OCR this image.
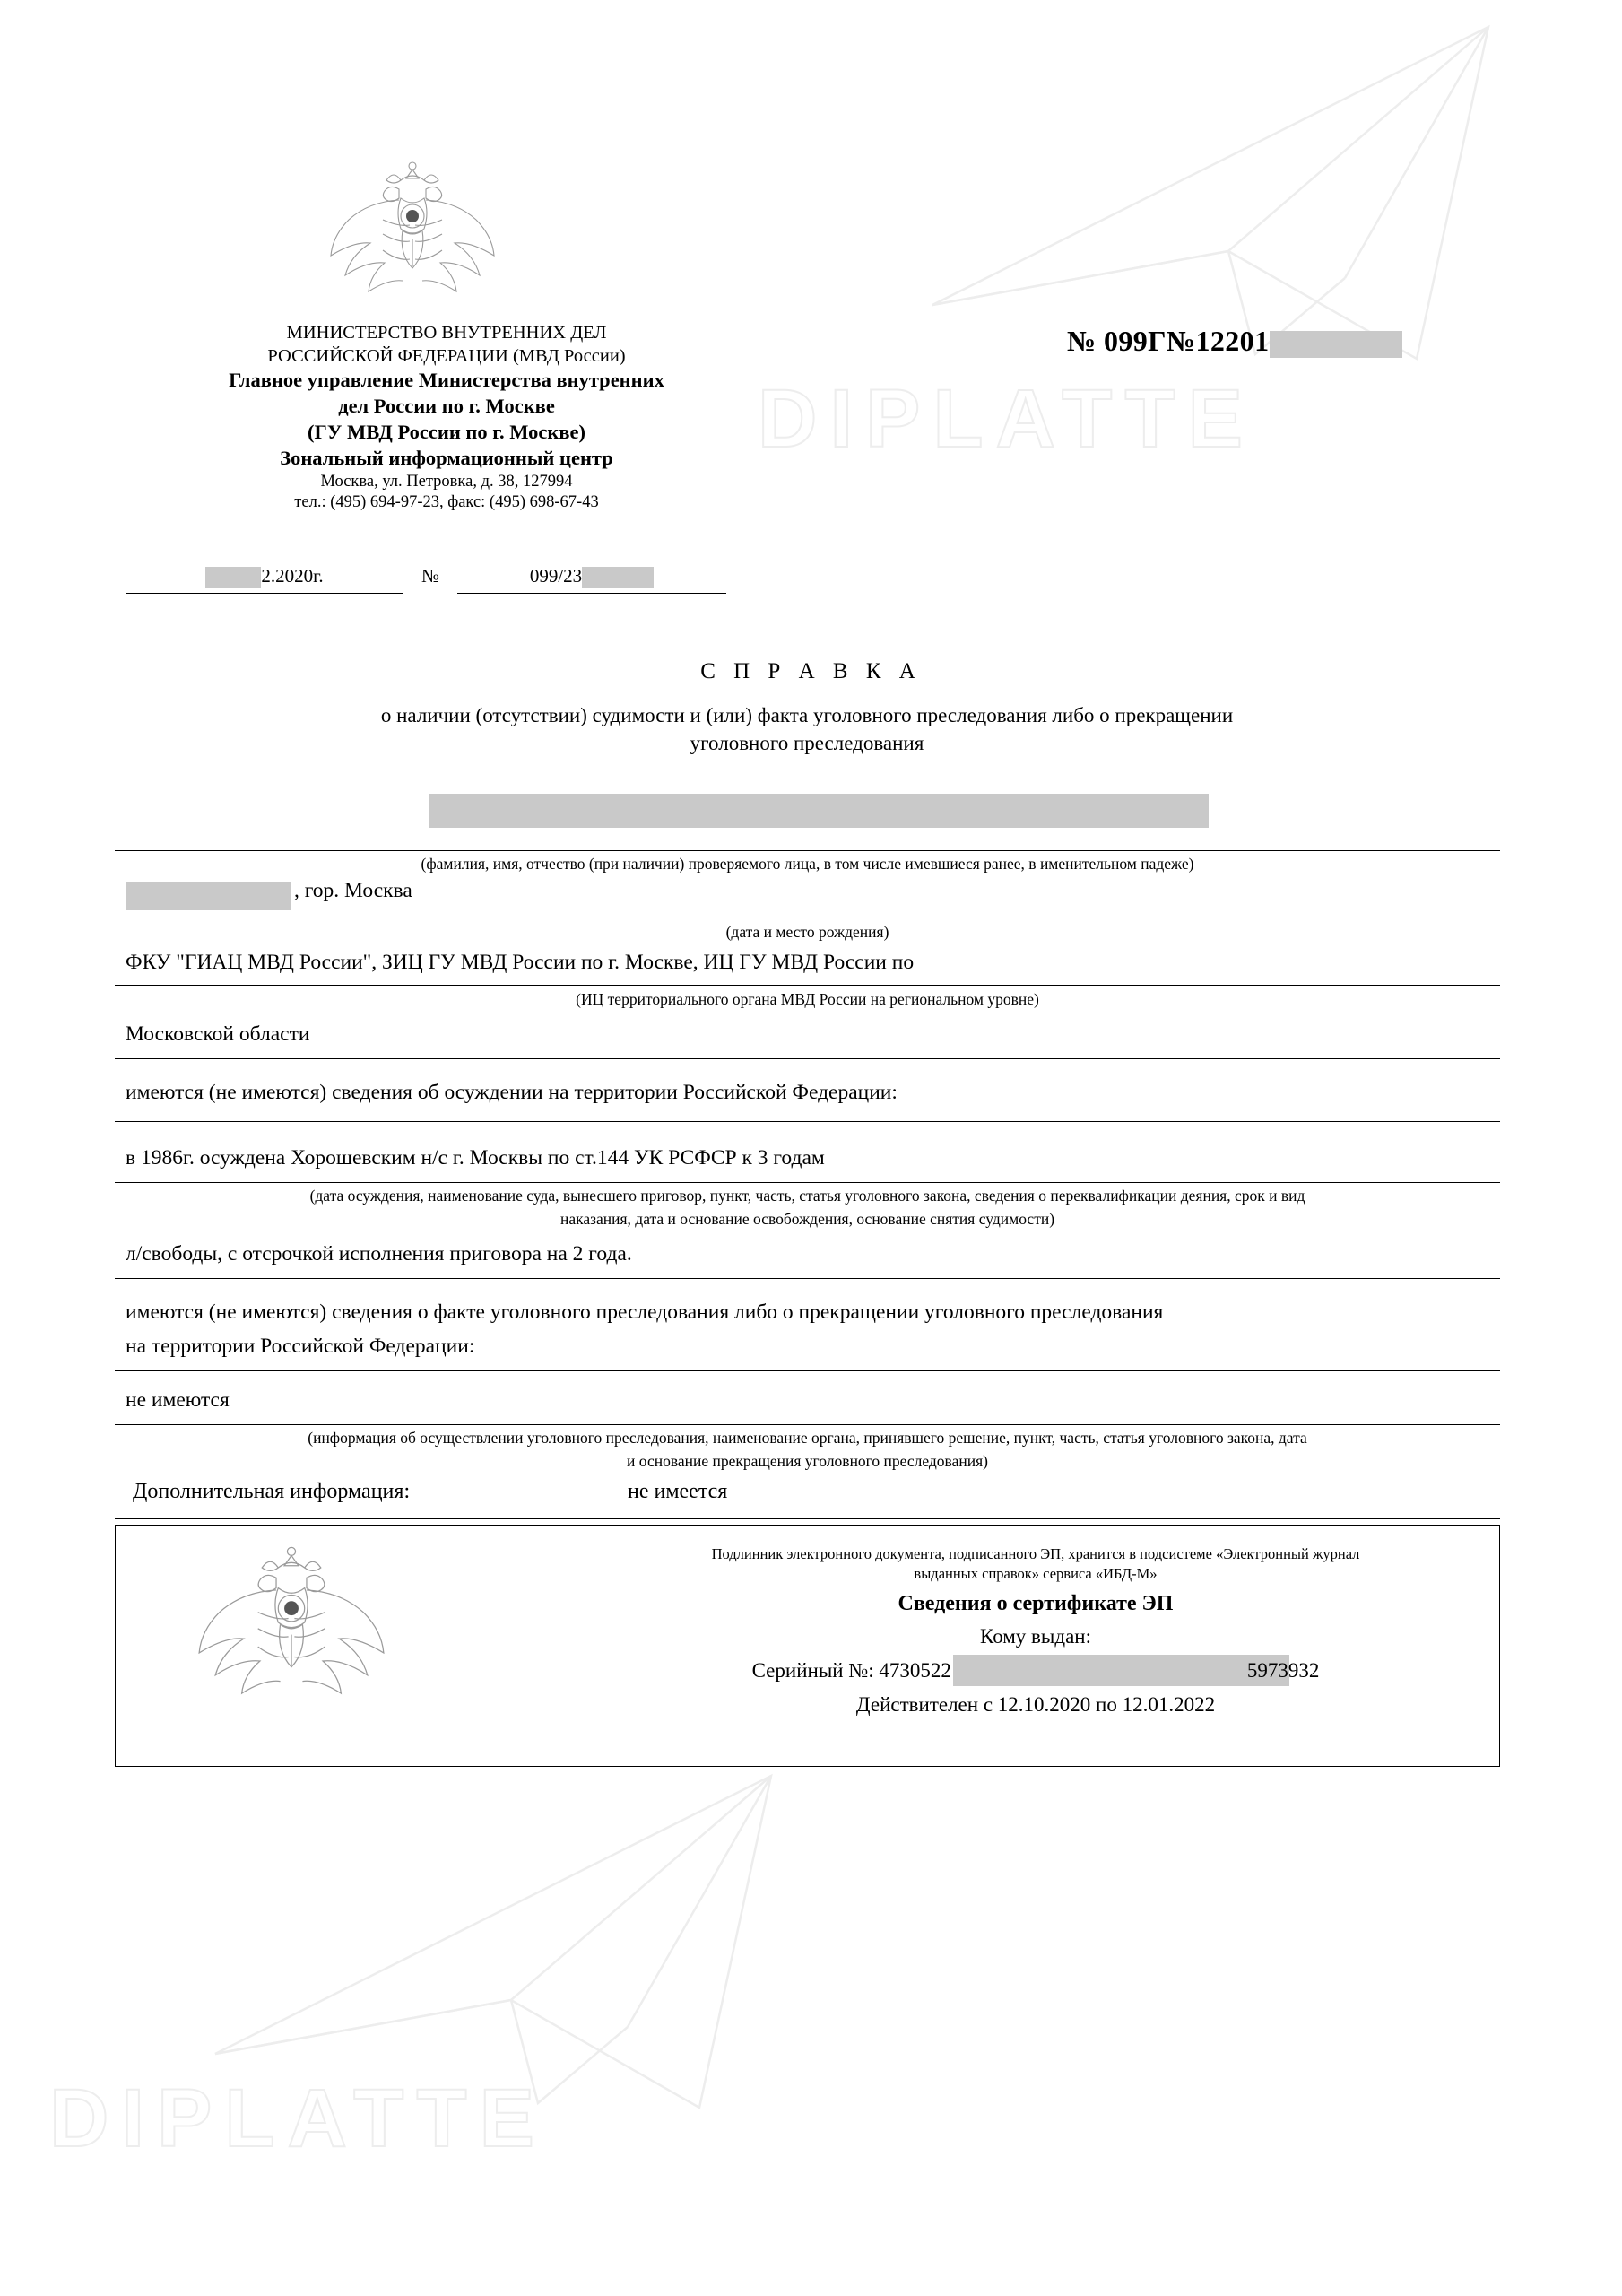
DIPLATTE
DIPLATTE
МИНИСТЕРСТВО ВНУТРЕННИХ ДЕЛ
РОССИЙСКОЙ ФЕДЕРАЦИИ (МВД России)
Главное управление Министерства внутренних
дел России по г. Москве
(ГУ МВД России по г. Москве)
Зональный информационный центр
Москва, ул. Петровка, д. 38, 127994
тел.: (495) 694-97-23, факс: (495) 698-67-43
№ 099Г№12201
2.2020г.	№	099/23
С П Р А В К А
о наличии (отсутствии) судимости и (или) факта уголовного преследования либо о прекращении
уголовного преследования
(фамилия, имя, отчество (при наличии) проверяемого лица, в том числе имевшиеся ранее, в именительном падеже)
, гор. Москва
(дата и место рождения)
ФКУ "ГИАЦ МВД России", ЗИЦ ГУ МВД России по г. Москве, ИЦ ГУ МВД России по
(ИЦ территориального органа МВД России на региональном уровне)
Московской области
имеются (не имеются) сведения об осуждении на территории Российской Федерации:
в 1986г. осуждена Хорошевским н/с г. Москвы по ст.144 УК РСФСР к 3 годам
(дата осуждения, наименование суда, вынесшего приговор, пункт, часть, статья уголовного закона, сведения о переквалификации деяния, срок и вид
наказания, дата и основание освобождения, основание снятия судимости)
л/свободы, с отсрочкой исполнения приговора на 2 года.
имеются (не имеются) сведения о факте уголовного преследования либо о прекращении уголовного преследования
на территории Российской Федерации:
не имеются
(информация об осуществлении уголовного преследования, наименование органа, принявшего решение, пункт, часть, статья уголовного закона, дата
и основание прекращения уголовного преследования)
Дополнительная информация:	не имеется
Подлинник электронного документа, подписанного ЭП, хранится в подсистеме «Электронный журнал
выданных справок» сервиса «ИБД-М»
Сведения о сертификате ЭП
Кому выдан:
Серийный №: 4730522	5973932
Действителен с 12.10.2020 по 12.01.2022
